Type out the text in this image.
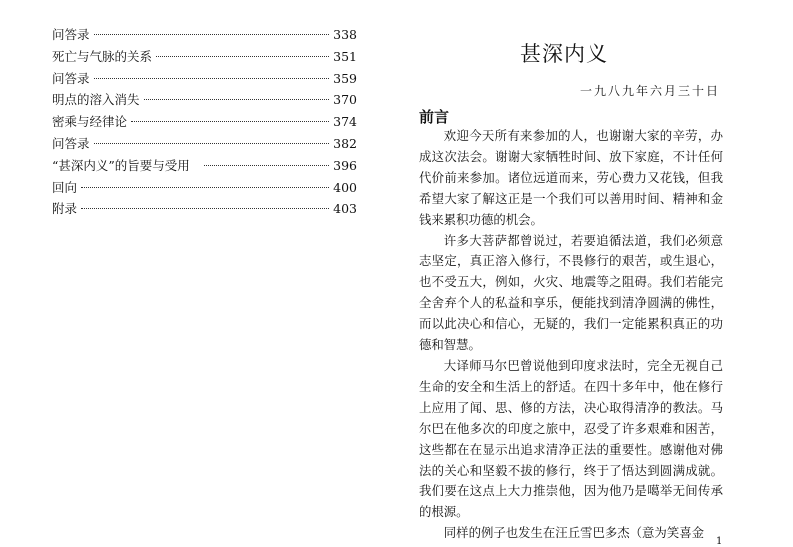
问答录	338
死亡与气脉的关系	351
问答录	359
明点的溶入消失	370
密乘与经律论	374
问答录	382
“甚深内义”的旨要与受用	396
回向	400
附录	403
甚深内义
一九八九年六月三十日
前言

欢迎今天所有来参加的人，也谢谢大家的辛劳，办成这次法会。谢谢大家牺牲时间、放下家庭，不计任何代价前来参加。诸位远道而来，劳心费力又花钱，但我希望大家了解这正是一个我们可以善用时间、精神和金钱来累积功德的机会。

许多大菩萨都曾说过，若要追循法道，我们必须意志坚定，真正溶入修行，不畏修行的艰苦，或生退心，也不受五大，例如，火灾、地震等之阻碍。我们若能完全舍弃个人的私益和享乐，便能找到清净圆满的佛性，而以此决心和信心，无疑的，我们一定能累积真正的功德和智慧。

大译师马尔巴曾说他到印度求法时，完全无视自己生命的安全和生活上的舒适。在四十多年中，他在修行上应用了闻、思、修的方法，决心取得清净的教法。马尔巴在他多次的印度之旅中，忍受了许多艰难和困苦，这些都在在显示出追求清净正法的重要性。感谢他对佛法的关心和坚毅不拔的修行，终于了悟达到圆满成就。我们要在这点上大力推崇他，因为他乃是噶举无间传承的根源。

同样的例子也发生在汪丘雪巴多杰（意为笑喜金

1
